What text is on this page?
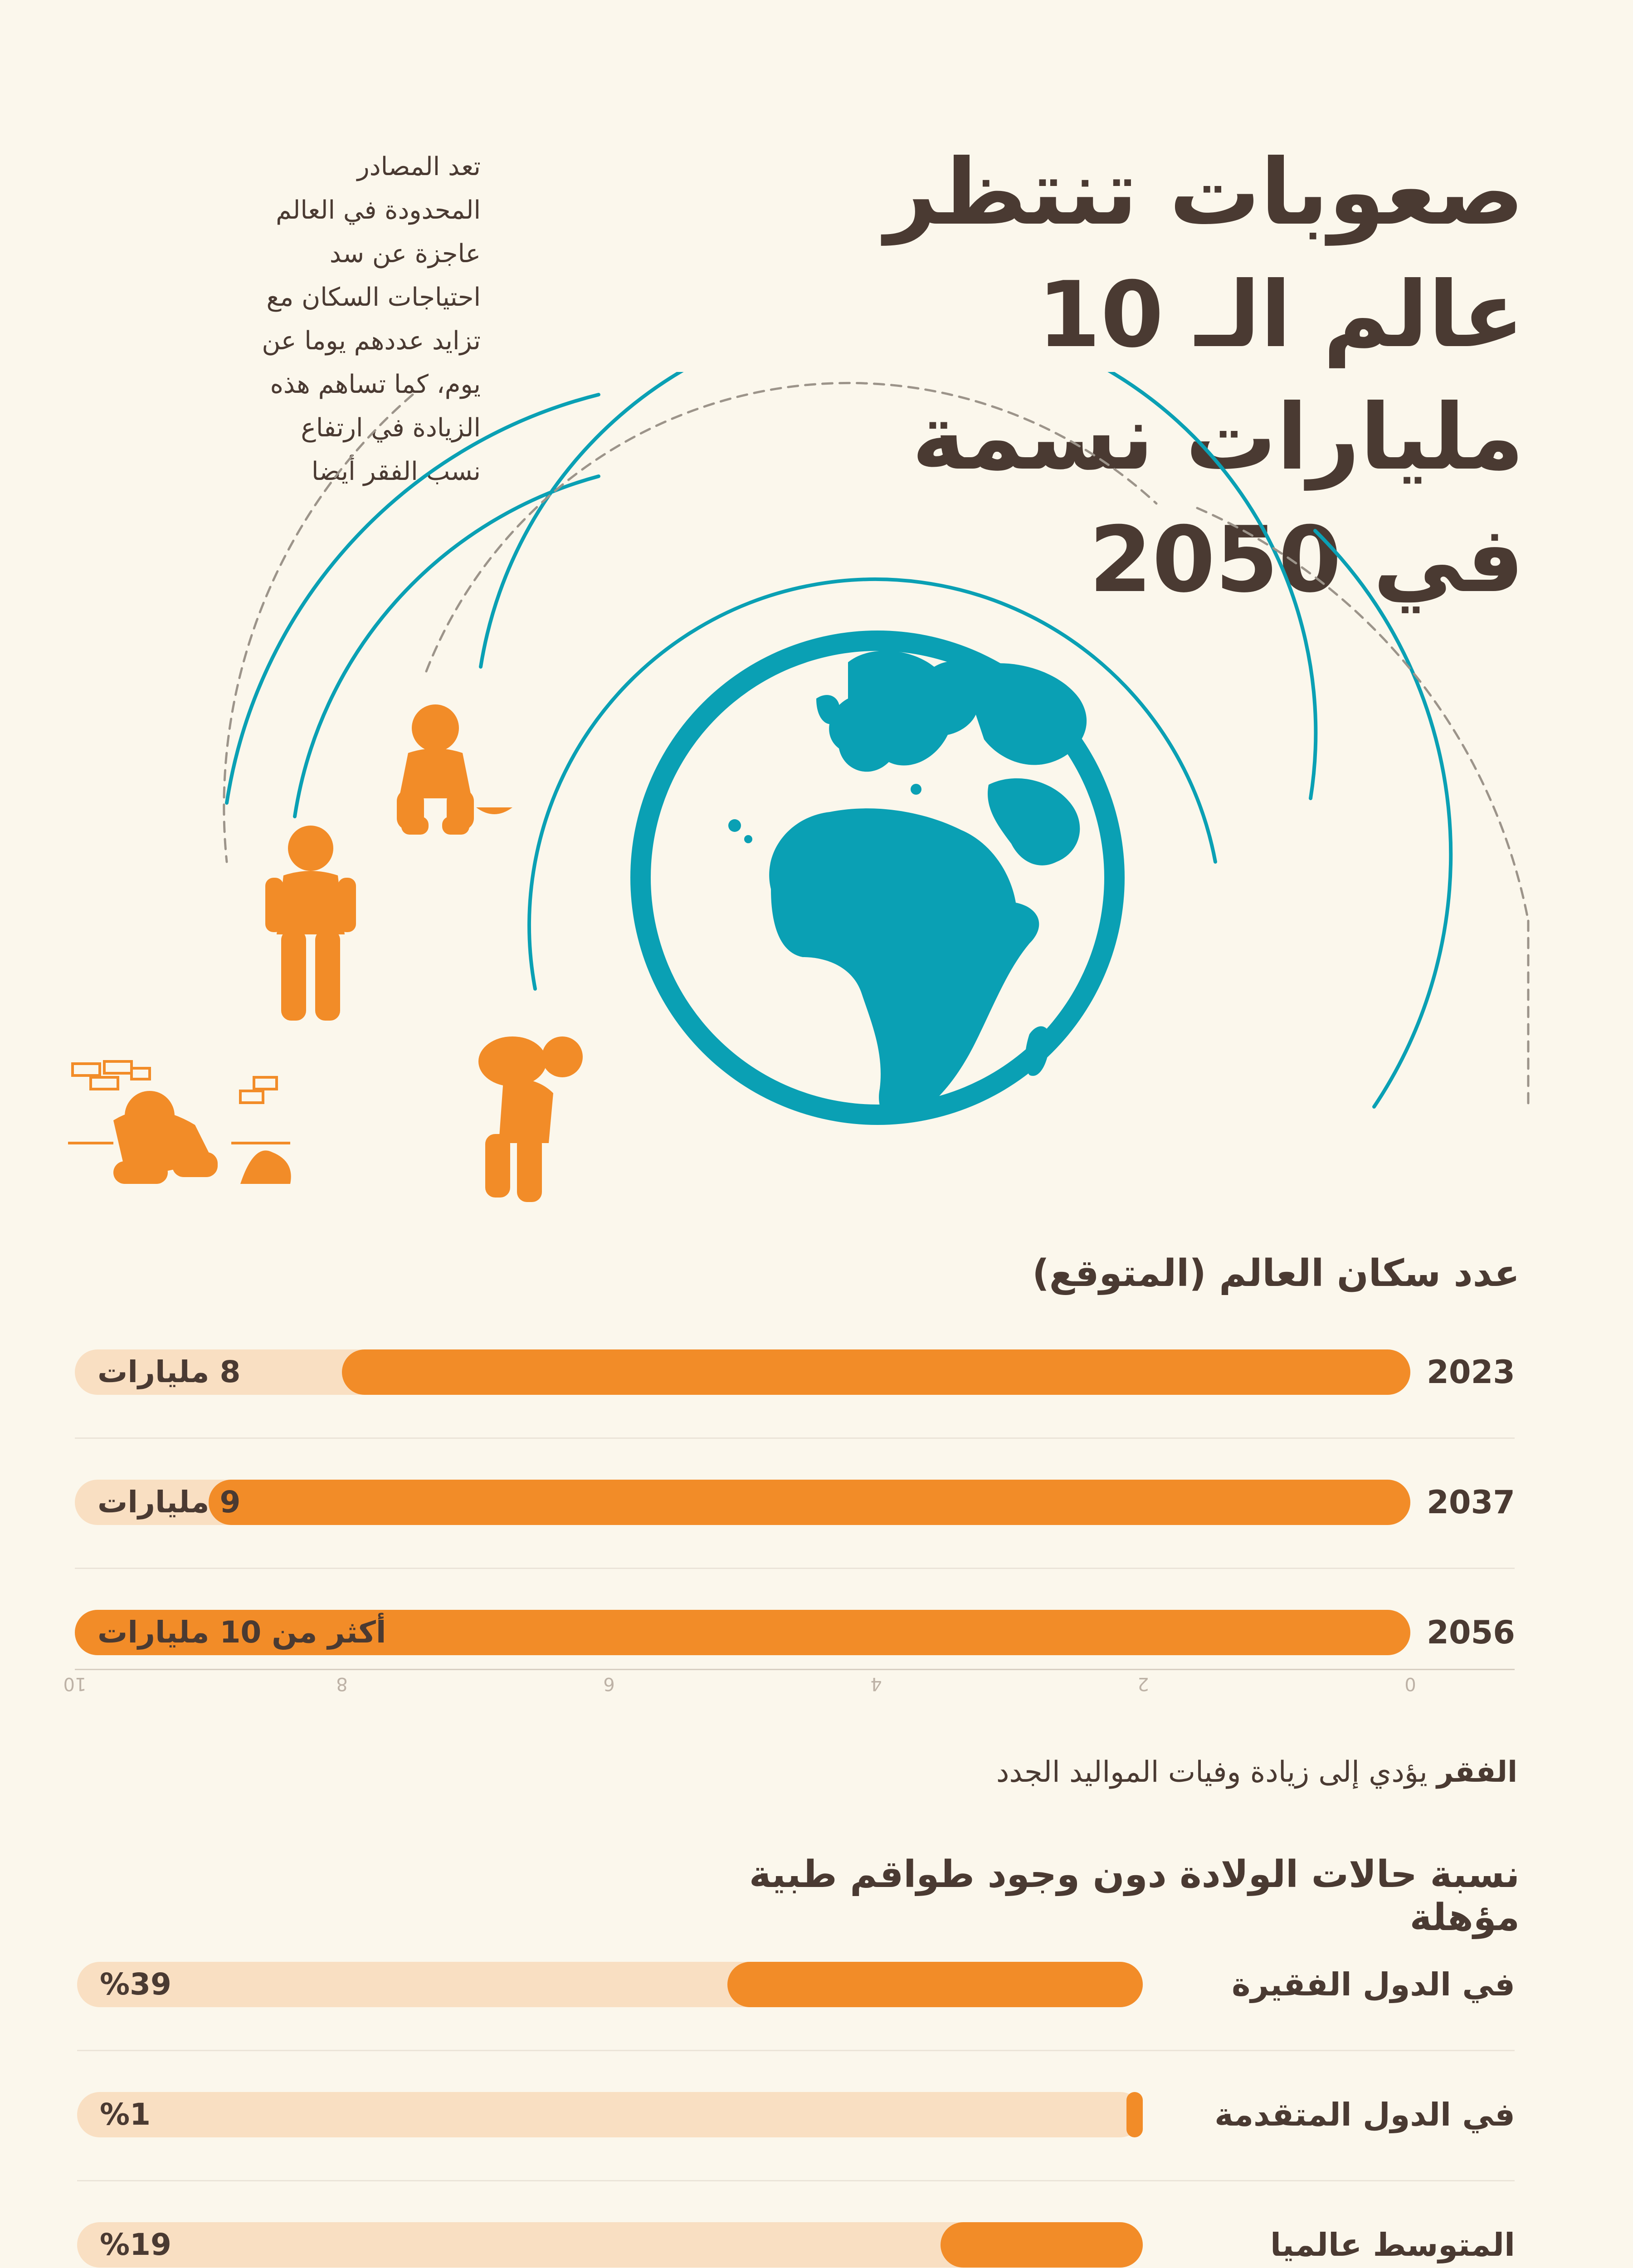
صعوبات تنتظر
عالم الـ 10 مليارات نسمة
في 2050
تعد المصادر المحدودة في العالم عاجزة عن سد احتياجات السكان مع تزايد عددهم يوما عن يوم، كما تساهم هذه الزيادة في ارتفاع نسب الفقر أيضا
عدد سكان العالم (المتوقع)
8 مليارات	2023
9 مليارات	2037
أكثر من 10 مليارات	2056
0
2
4
6
8
10
الفقر يؤدي إلى زيادة وفيات المواليد الجدد
نسبة حالات الولادة دون وجود طواقم طبية مؤهلة
%39	في الدول الفقيرة
%1	في الدول المتقدمة
%19	المتوسط عالميا
